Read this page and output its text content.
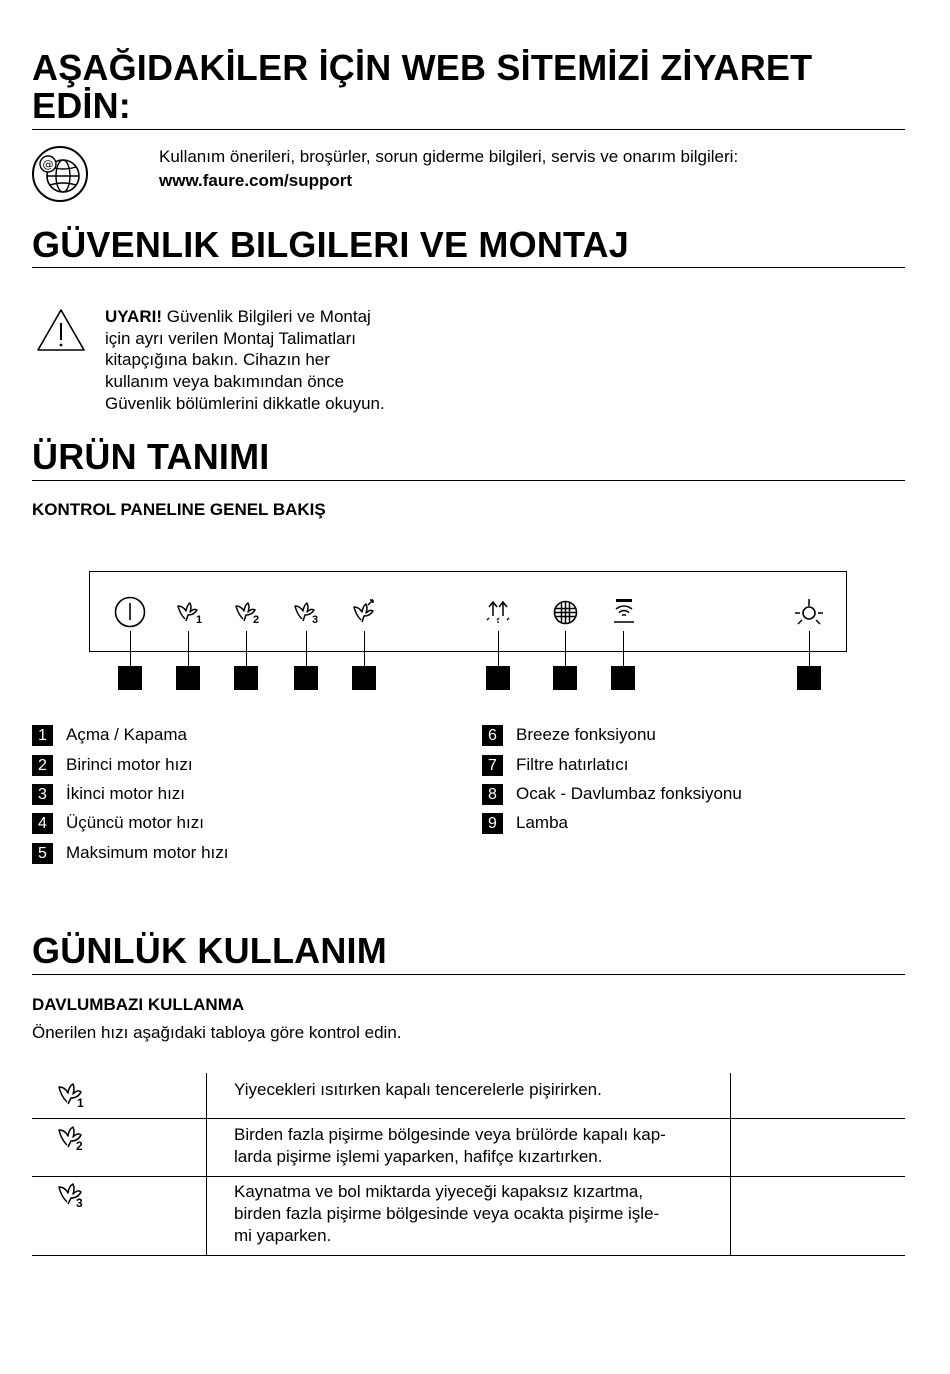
AŞAĞIDAKİLER İÇİN WEB SİTEMİZİ ZİYARET
EDİN:
@	Kullanım önerileri, broşürler, sorun giderme bilgileri, servis ve onarım bilgileri:
www.faure.com/support
GÜVENLIK BILGILERI VE MONTAJ
UYARI! Güvenlik Bilgileri ve Montaj
için ayrı verilen Montaj Talimatları
kitapçığına bakın. Cihazın her
kullanım veya bakımından önce
Güvenlik bölümlerini dikkatle okuyun.
ÜRÜN TANIMI
KONTROL PANELINE GENEL BAKIŞ
1	2	3
1	Açma / Kapama
2	Birinci motor hızı
3	İkinci motor hızı
4	Üçüncü motor hızı
5	Maksimum motor hızı
6	Breeze fonksiyonu
7	Filtre hatırlatıcı
8	Ocak - Davlumbaz fonksiyonu
9	Lamba
GÜNLÜK KULLANIM
DAVLUMBAZI KULLANMA
Önerilen hızı aşağıdaki tabloya göre kontrol edin.
1
Yiyecekleri ısıtırken kapalı tencerelerle pişirirken.
2
Birden fazla pişirme bölgesinde veya brülörde kapalı kap-
larda pişirme işlemi yaparken, hafifçe kızartırken.
3
Kaynatma ve bol miktarda yiyeceği kapaksız kızartma,
birden fazla pişirme bölgesinde veya ocakta pişirme işle-
mi yaparken.
